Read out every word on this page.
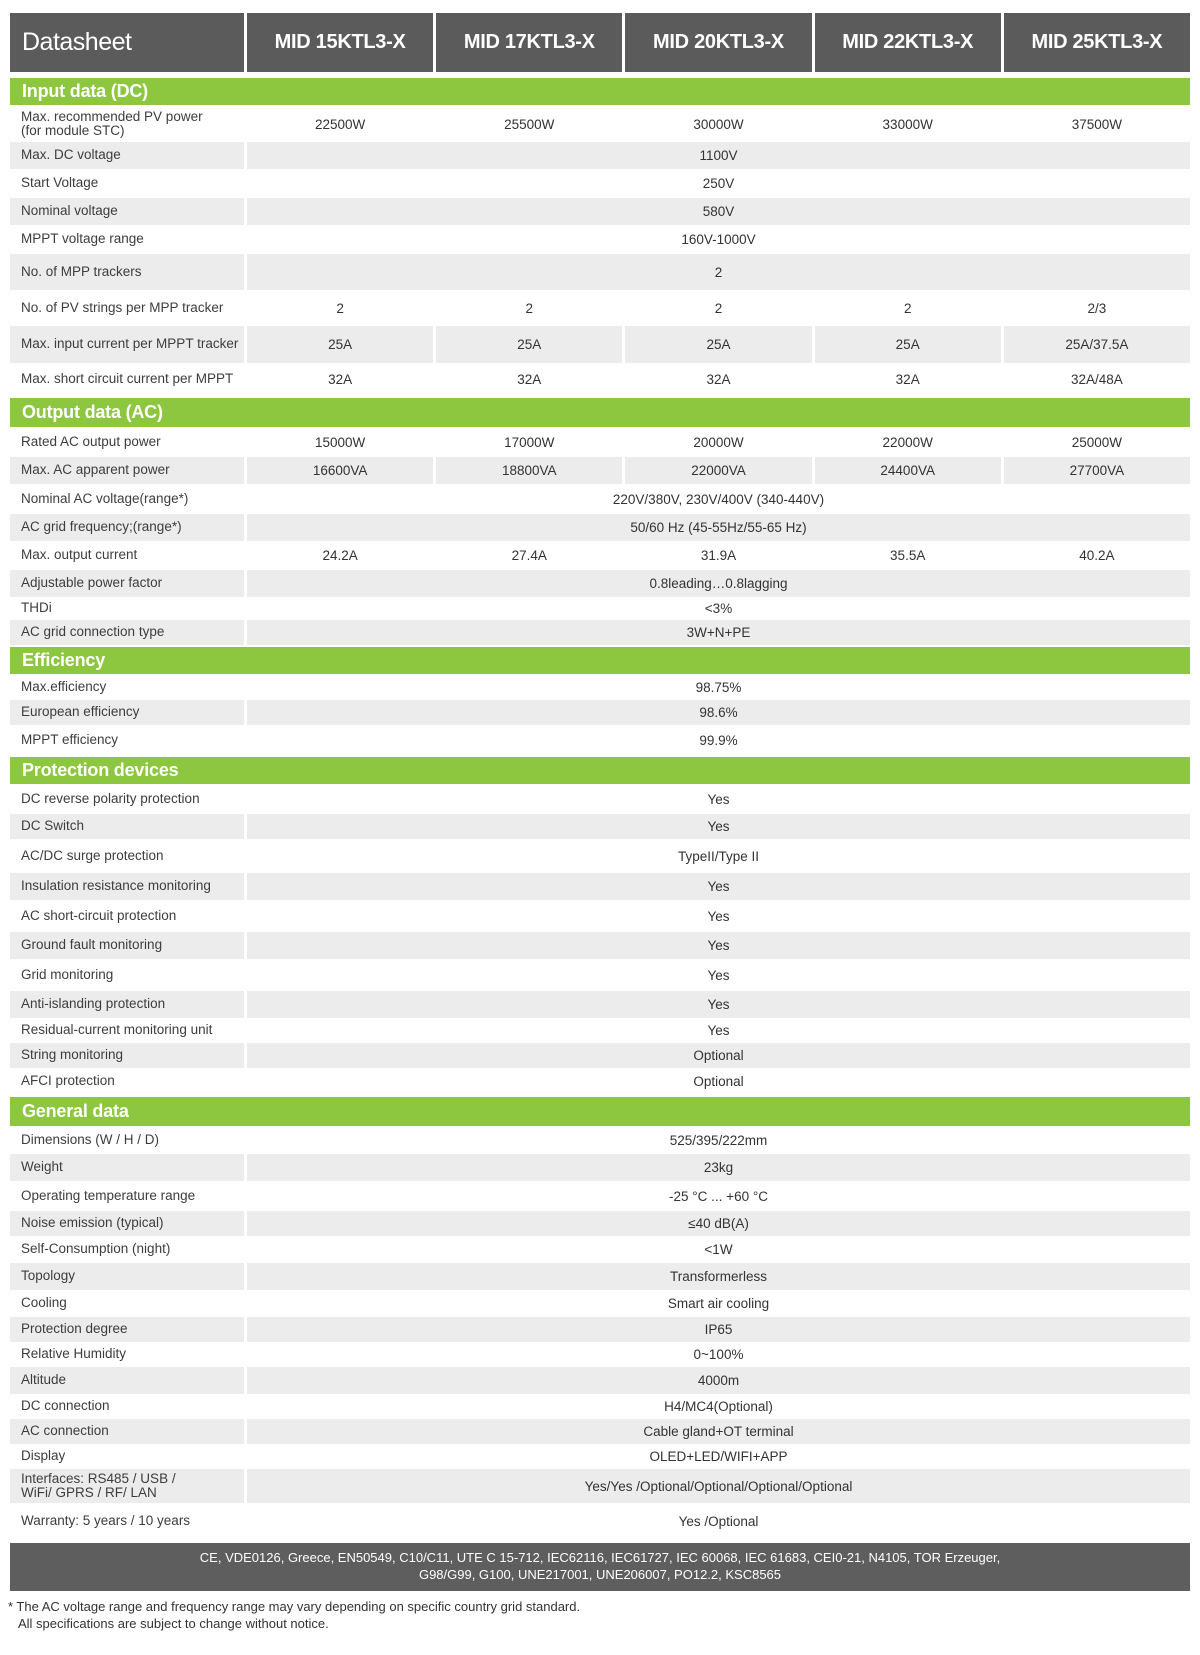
Datasheet	MID 15KTL3-X	MID 17KTL3-X	MID 20KTL3-X	MID 22KTL3-X	MID 25KTL3-X
Input data (DC)
Max. recommended PV power
(for module STC)	22500W	25500W	30000W	33000W	37500W
Max. DC voltage	1100V
Start Voltage	250V
Nominal voltage	580V
MPPT voltage range	160V-1000V
No. of MPP trackers	2
No. of PV strings per MPP tracker	2	2	2	2	2/3
Max. input current per MPPT tracker	25A	25A	25A	25A	25A/37.5A
Max. short circuit current per MPPT	32A	32A	32A	32A	32A/48A
Output data (AC)
Rated AC output power	15000W	17000W	20000W	22000W	25000W
Max. AC apparent power	16600VA	18800VA	22000VA	24400VA	27700VA
Nominal AC voltage(range*)	220V/380V, 230V/400V (340-440V)
AC grid frequency;(range*)	50/60 Hz (45-55Hz/55-65 Hz)
Max. output current	24.2A	27.4A	31.9A	35.5A	40.2A
Adjustable power factor	0.8leading…0.8lagging
THDi	<3%
AC grid connection type	3W+N+PE
Efficiency
Max.efficiency	98.75%
European efficiency	98.6%
MPPT efficiency	99.9%
Protection devices
DC reverse polarity protection	Yes
DC Switch	Yes
AC/DC surge protection	TypeII/Type II
Insulation resistance monitoring	Yes
AC short-circuit protection	Yes
Ground fault monitoring	Yes
Grid monitoring	Yes
Anti-islanding protection	Yes
Residual-current monitoring unit	Yes
String monitoring	Optional
AFCI protection	Optional
General data
Dimensions (W / H / D)	525/395/222mm
Weight	23kg
Operating temperature range	-25 °C ... +60 °C
Noise emission (typical)	≤40 dB(A)
Self-Consumption (night)	<1W
Topology	Transformerless
Cooling	Smart air cooling
Protection degree	IP65
Relative Humidity	0~100%
Altitude	4000m
DC connection	H4/MC4(Optional)
AC connection	Cable gland+OT terminal
Display	OLED+LED/WIFI+APP
Interfaces: RS485 / USB /
WiFi/ GPRS / RF/ LAN	Yes/Yes /Optional/Optional/Optional/Optional
Warranty: 5 years / 10 years	Yes /Optional
CE, VDE0126, Greece, EN50549, C10/C11, UTE C 15-712, IEC62116, IEC61727, IEC 60068, IEC 61683, CEI0-21, N4105, TOR Erzeuger,
G98/G99, G100, UNE217001, UNE206007, PO12.2, KSC8565
* The AC voltage range and frequency range may vary depending on specific country grid standard.
All specifications are subject to change without notice.
